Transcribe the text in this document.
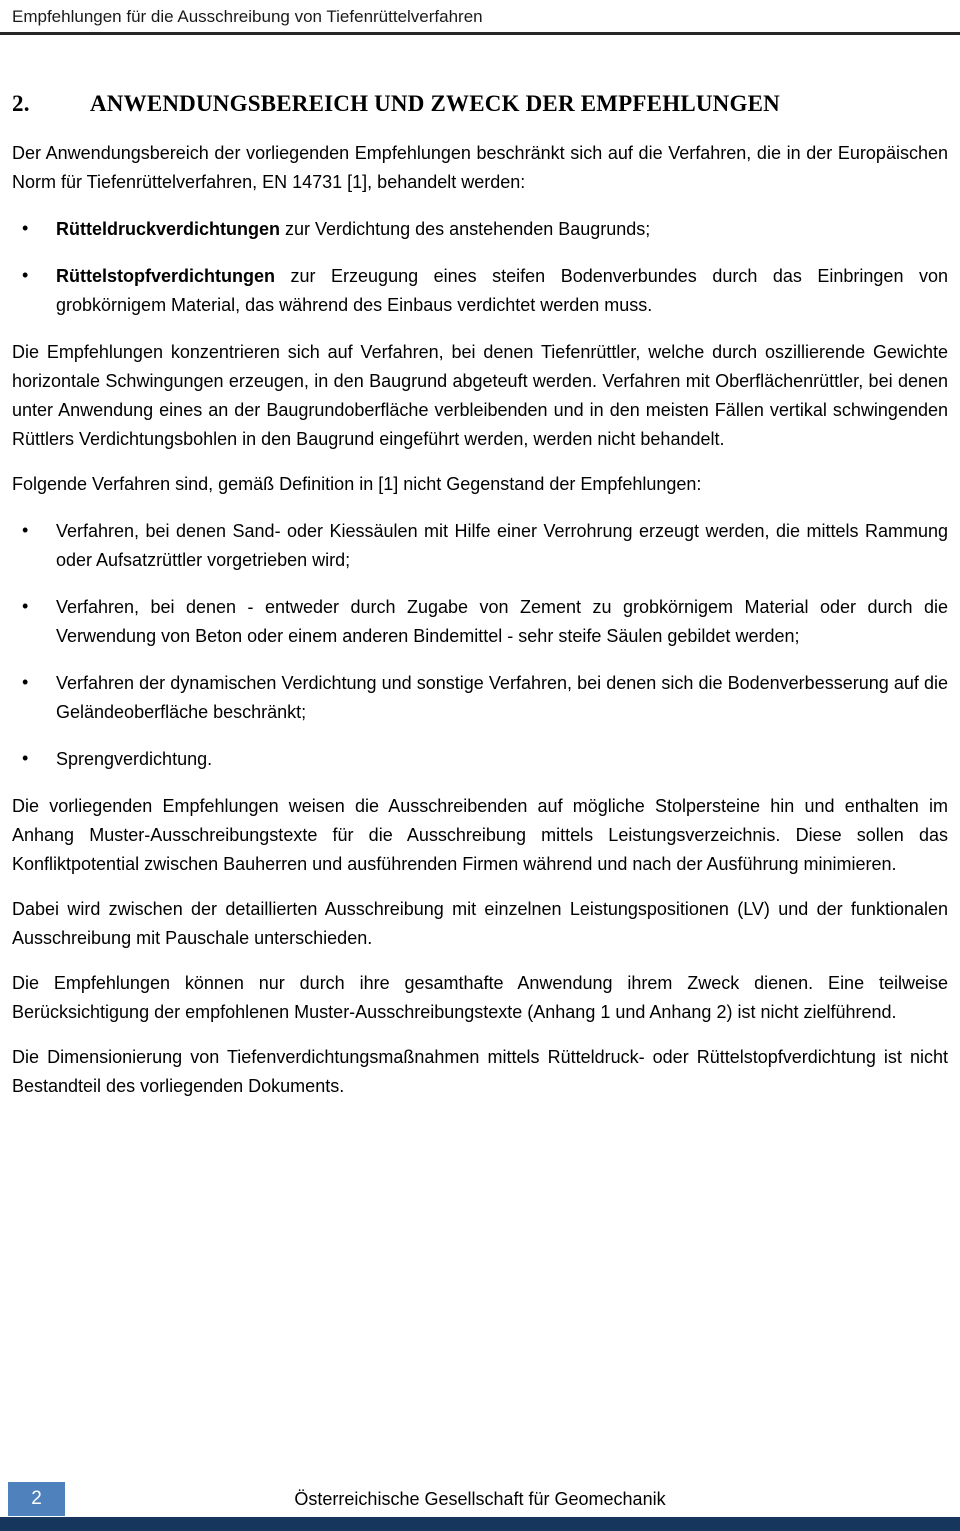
Empfehlungen für die Ausschreibung von Tiefenrüttelverfahren
2.	ANWENDUNGSBEREICH UND ZWECK DER EMPFEHLUNGEN

Der Anwendungsbereich der vorliegenden Empfehlungen beschränkt sich auf die Verfahren, die in der Europäischen Norm für Tiefenrüttelverfahren, EN 14731 [1], behandelt werden:

• Rütteldruckverdichtungen zur Verdichtung des anstehenden Baugrunds;
• Rüttelstopfverdichtungen zur Erzeugung eines steifen Bodenverbundes durch das Einbringen von grobkörnigem Material, das während des Einbaus verdichtet werden muss.

Die Empfehlungen konzentrieren sich auf Verfahren, bei denen Tiefenrüttler, welche durch oszillierende Gewichte horizontale Schwingungen erzeugen, in den Baugrund abgeteuft werden. Verfahren mit Oberflächenrüttler, bei denen unter Anwendung eines an der Baugrundoberfläche verbleibenden und in den meisten Fällen vertikal schwingenden Rüttlers Verdichtungsbohlen in den Baugrund eingeführt werden, werden nicht behandelt.

Folgende Verfahren sind, gemäß Definition in [1] nicht Gegenstand der Empfehlungen:

• Verfahren, bei denen Sand- oder Kiessäulen mit Hilfe einer Verrohrung erzeugt werden, die mittels Rammung oder Aufsatzrüttler vorgetrieben wird;
• Verfahren, bei denen - entweder durch Zugabe von Zement zu grobkörnigem Material oder durch die Verwendung von Beton oder einem anderen Bindemittel - sehr steife Säulen gebildet werden;
• Verfahren der dynamischen Verdichtung und sonstige Verfahren, bei denen sich die Bodenverbesserung auf die Geländeoberfläche beschränkt;
• Sprengverdichtung.

Die vorliegenden Empfehlungen weisen die Ausschreibenden auf mögliche Stolpersteine hin und enthalten im Anhang Muster-Ausschreibungstexte für die Ausschreibung mittels Leistungsverzeichnis. Diese sollen das Konfliktpotential zwischen Bauherren und ausführenden Firmen während und nach der Ausführung minimieren.

Dabei wird zwischen der detaillierten Ausschreibung mit einzelnen Leistungspositionen (LV) und der funktionalen Ausschreibung mit Pauschale unterschieden.

Die Empfehlungen können nur durch ihre gesamthafte Anwendung ihrem Zweck dienen. Eine teilweise Berücksichtigung der empfohlenen Muster-Ausschreibungstexte (Anhang 1 und Anhang 2) ist nicht zielführend.

Die Dimensionierung von Tiefenverdichtungsmaßnahmen mittels Rütteldruck- oder Rüttelstopfverdichtung ist nicht Bestandteil des vorliegenden Dokuments.

2	Österreichische Gesellschaft für Geomechanik
